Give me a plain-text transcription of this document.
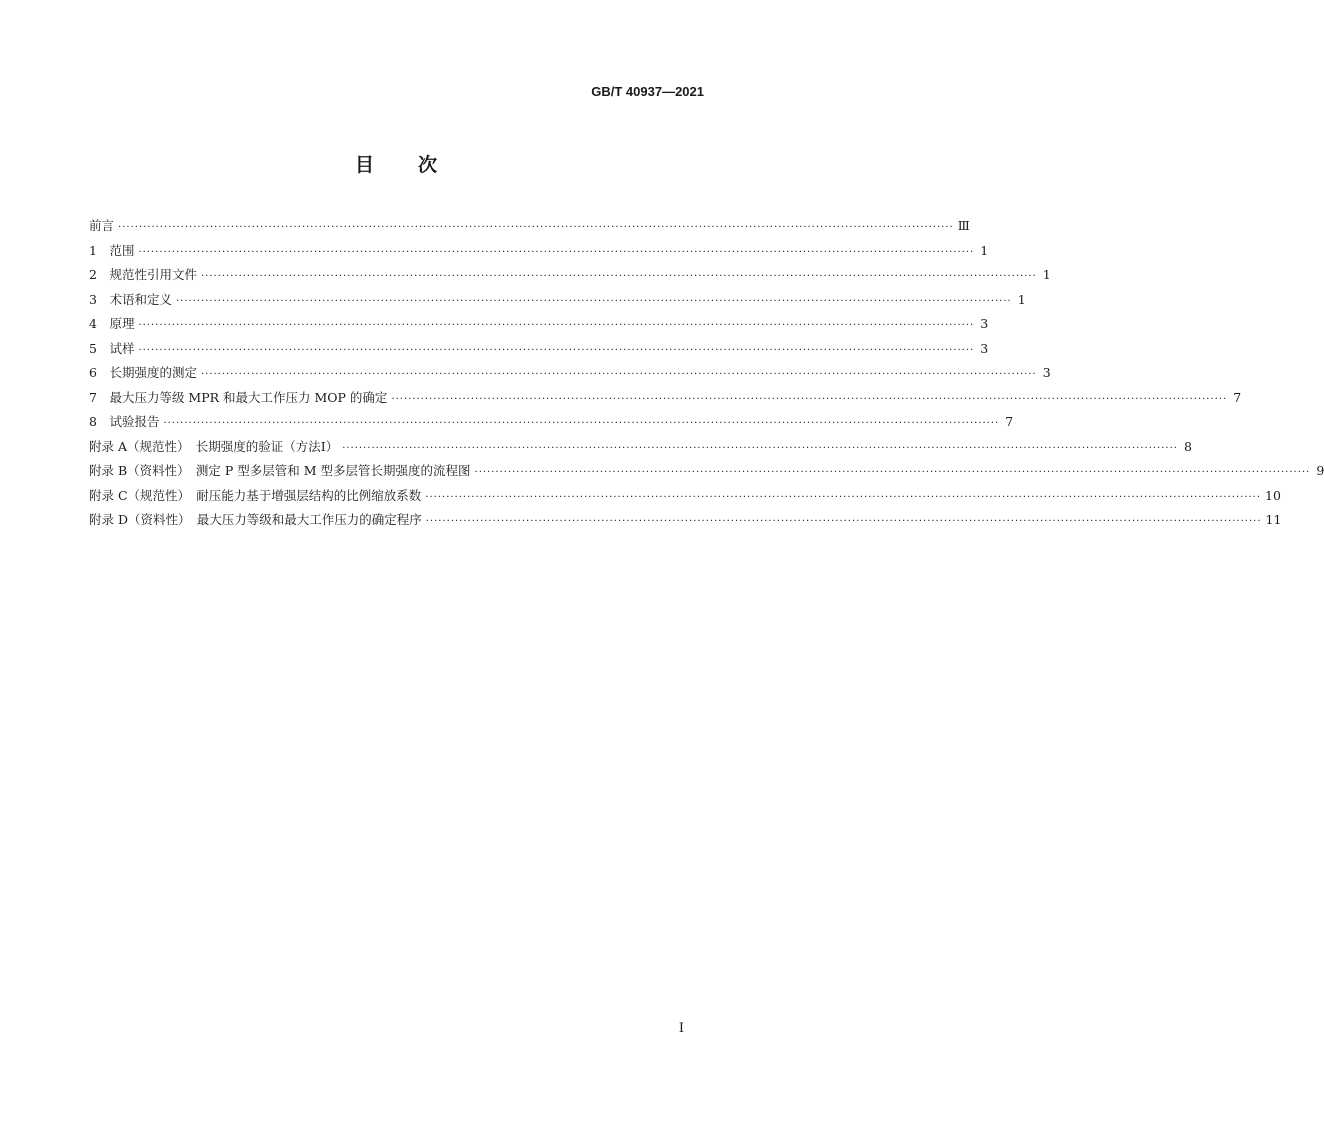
GB/T 40937—2021
目　　次
前言 ········································································································································································································ Ⅲ
1　范围 ········································································································································································································ 1
2　规范性引用文件 ········································································································································································································ 1
3　术语和定义 ········································································································································································································ 1
4　原理 ········································································································································································································ 3
5　试样 ········································································································································································································ 3
6　长期强度的测定 ········································································································································································································ 3
7　最大压力等级 MPR 和最大工作压力 MOP 的确定 ········································································································································································································ 7
8　试验报告 ········································································································································································································ 7
附录 A（规范性）　长期强度的验证（方法Ⅰ） ········································································································································································································ 8
附录 B（资料性）　测定 P 型多层管和 M 型多层管长期强度的流程图 ········································································································································································································ 9
附录 C（规范性）　耐压能力基于增强层结构的比例缩放系数 ········································································································································································································ 10
附录 D（资料性）　最大压力等级和最大工作压力的确定程序 ········································································································································································································ 11
I
